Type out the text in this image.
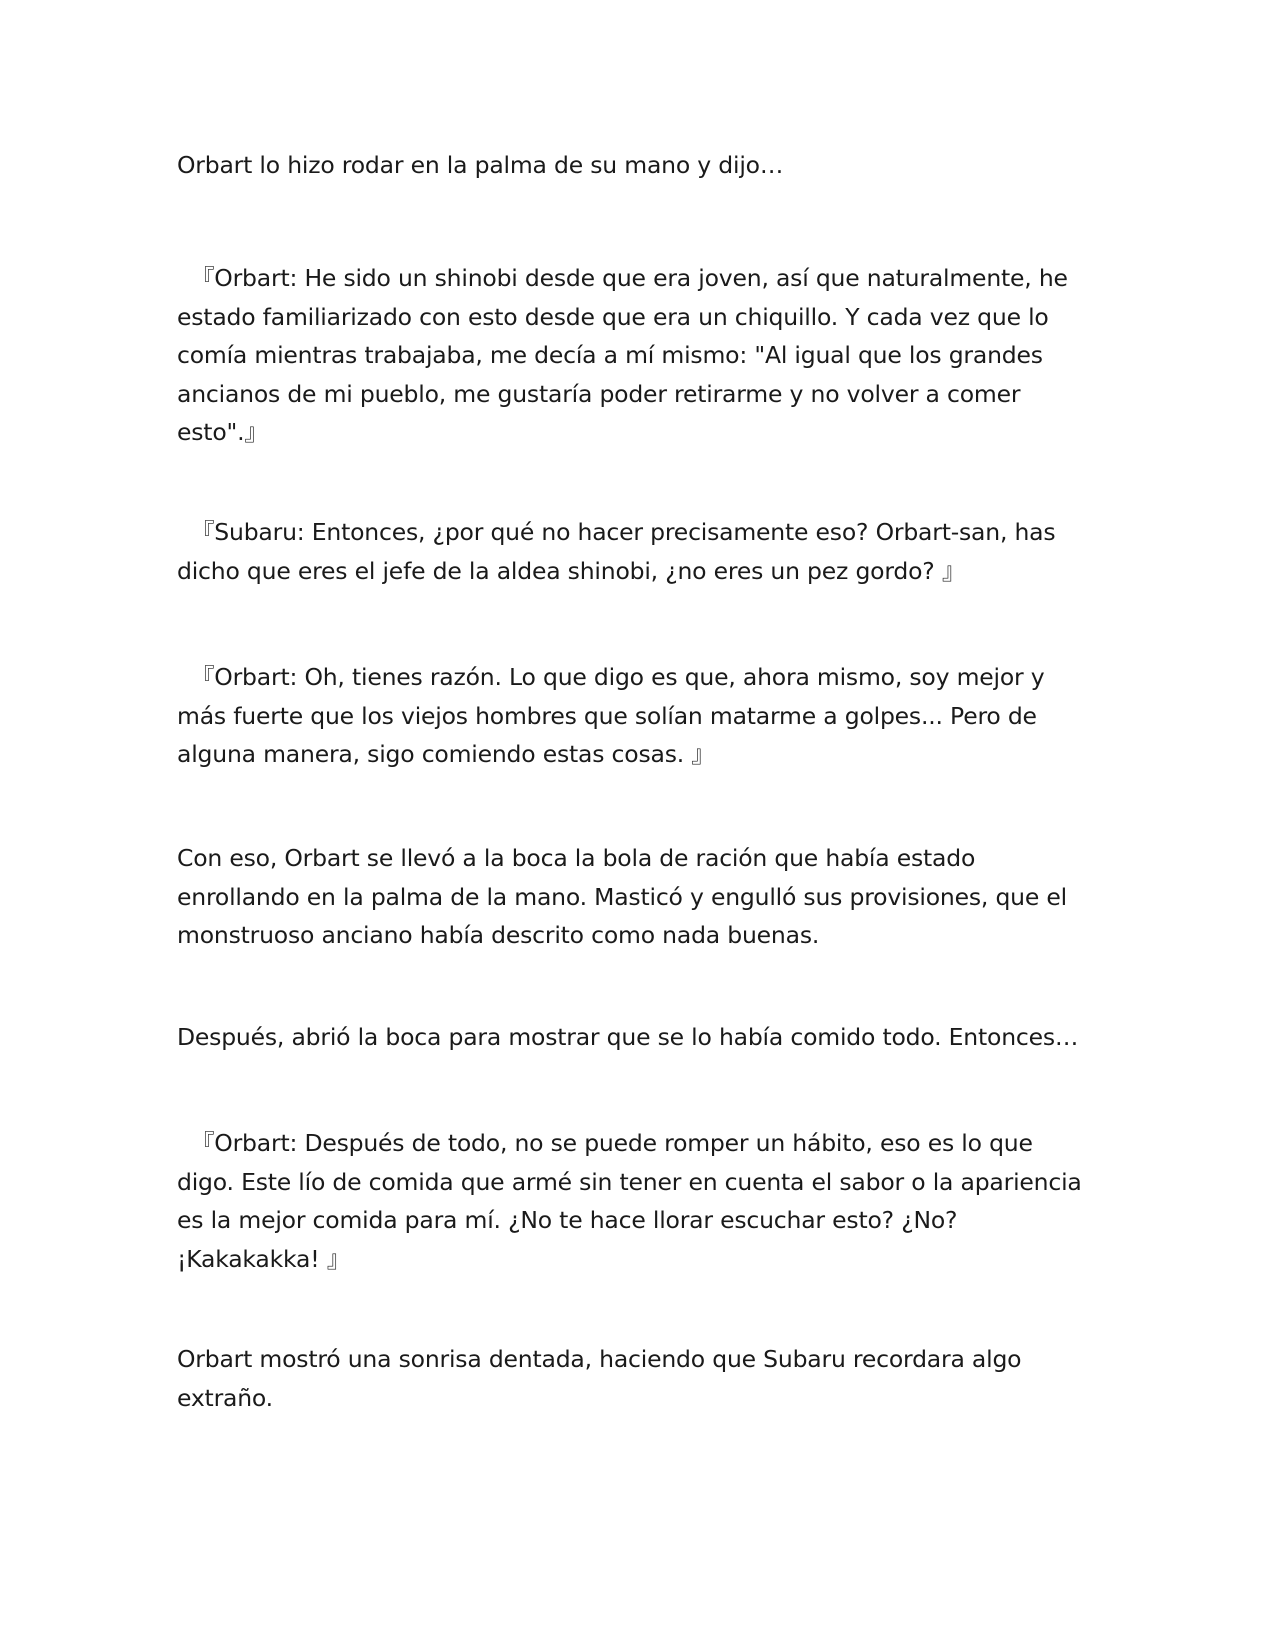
Orbart lo hizo rodar en la palma de su mano y dijo…

『Orbart: He sido un shinobi desde que era joven, así que naturalmente, he
estado familiarizado con esto desde que era un chiquillo. Y cada vez que lo
comía mientras trabajaba, me decía a mí mismo: "Al igual que los grandes
ancianos de mi pueblo, me gustaría poder retirarme y no volver a comer
esto".』

『Subaru: Entonces, ¿por qué no hacer precisamente eso? Orbart-san, has
dicho que eres el jefe de la aldea shinobi, ¿no eres un pez gordo? 』

『Orbart: Oh, tienes razón. Lo que digo es que, ahora mismo, soy mejor y
más fuerte que los viejos hombres que solían matarme a golpes... Pero de
alguna manera, sigo comiendo estas cosas. 』

Con eso, Orbart se llevó a la boca la bola de ración que había estado
enrollando en la palma de la mano. Masticó y engulló sus provisiones, que el
monstruoso anciano había descrito como nada buenas.

Después, abrió la boca para mostrar que se lo había comido todo. Entonces…

『Orbart: Después de todo, no se puede romper un hábito, eso es lo que
digo. Este lío de comida que armé sin tener en cuenta el sabor o la apariencia
es la mejor comida para mí. ¿No te hace llorar escuchar esto? ¿No?
¡Kakakakka! 』

Orbart mostró una sonrisa dentada, haciendo que Subaru recordara algo
extraño.
